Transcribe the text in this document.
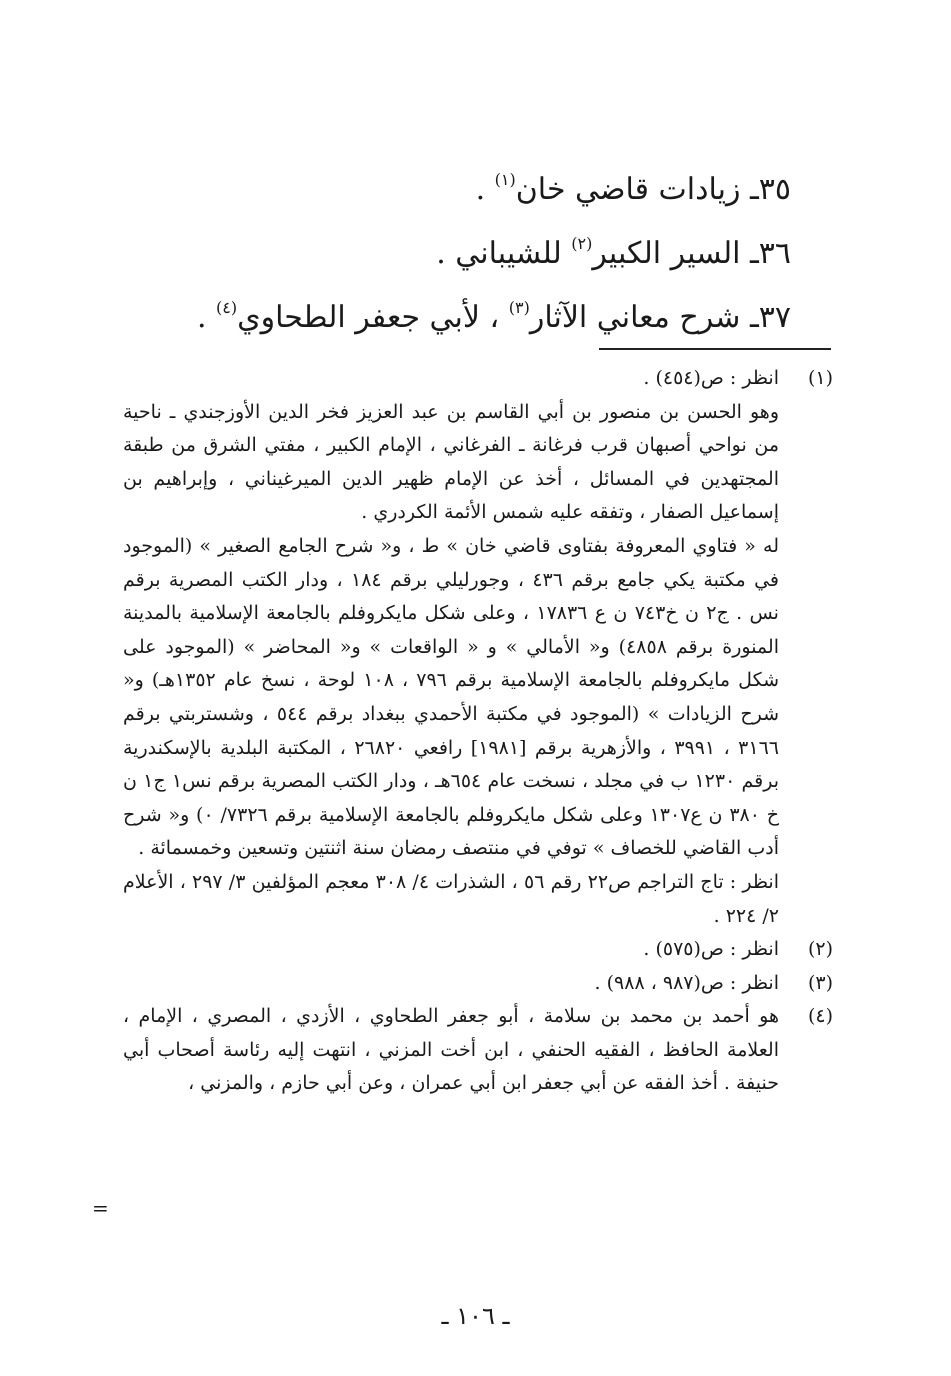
٣٥ـ زيادات قاضي خان$^{(١)}$ .
٣٦ـ السير الكبير$^{(٢)}$ للشيباني .
٣٧ـ شرح معاني الآثار$^{(٣)}$ ، لأبي جعفر الطحاوي$^{(٤)}$ .
(١)

انظر : ص(٤٥٤) .

وهو الحسن بن منصور بن أبي القاسم بن عبد العزيز فخر الدين الأوزجندي ـ ناحية من نواحي أصبهان قرب فرغانة ـ الفرغاني ، الإمام الكبير ، مفتي الشرق من طبقة المجتهدين في المسائل ، أخذ عن الإمام ظهير الدين الميرغيناني ، وإبراهيم بن إسماعيل الصفار ، وتفقه عليه شمس الأئمة الكردري .

له « فتاوي المعروفة بفتاوى قاضي خان » ط ، و« شرح الجامع الصغير » (الموجود في مكتبة يكي جامع برقم ٤٣٦ ، وجورليلي برقم ١٨٤ ، ودار الكتب المصرية برقم نس . ج٢ ن خ٧٤٣ ن ع ١٧٨٣٦ ، وعلى شكل مايكروفلم بالجامعة الإسلامية بالمدينة المنورة برقم ٤٨٥٨) و« الأمالي » و « الواقعات » و« المحاضر » (الموجود على شكل مايكروفلم بالجامعة الإسلامية برقم ٧٩٦ ، ١٠٨ لوحة ، نسخ عام ١٣٥٢هـ) و« شرح الزيادات » (الموجود في مكتبة الأحمدي ببغداد برقم ٥٤٤ ، وشستربتي برقم ٣١٦٦ ، ٣٩٩١ ، والأزهرية برقم [١٩٨١] رافعي ٢٦٨٢٠ ، المكتبة البلدية بالإسكندرية برقم ١٢٣٠ ب في مجلد ، نسخت عام ٦٥٤هـ ، ودار الكتب المصرية برقم نس١ ج١ ن خ ٣٨٠ ن ع١٣٠٧ وعلى شكل مايكروفلم بالجامعة الإسلامية برقم ٧٣٢٦/ ٠) و« شرح أدب القاضي للخصاف » توفي في منتصف رمضان سنة اثنتين وتسعين وخمسمائة .

انظر : تاج التراجم ص٢٢ رقم ٥٦ ، الشذرات ٤/ ٣٠٨ معجم المؤلفين ٣/ ٢٩٧ ، الأعلام ٢/ ٢٢٤ .

(٢)

انظر : ص(٥٧٥) .

(٣)

انظر : ص(٩٨٧ ، ٩٨٨) .

(٤)

هو أحمد بن محمد بن سلامة ، أبو جعفر الطحاوي ، الأزدي ، المصري ، الإمام ، العلامة الحافظ ، الفقيه الحنفي ، ابن أخت المزني ، انتهت إليه رئاسة أصحاب أبي حنيفة . أخذ الفقه عن أبي جعفر ابن أبي عمران ، وعن أبي حازم ، والمزني ،

=
ـ ١٠٦ ـ
